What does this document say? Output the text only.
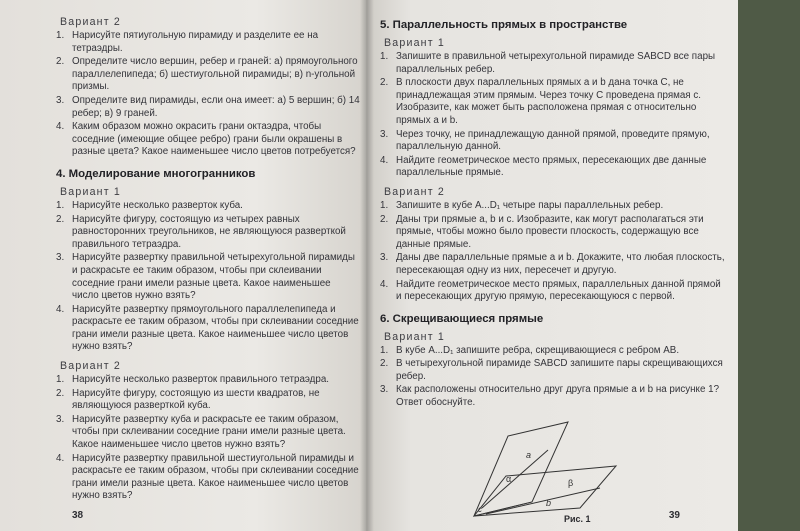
Вариант 2
1. Нарисуйте пятиугольную пирамиду и разделите ее на тетраэдры.
2. Определите число вершин, ребер и граней: а) прямоугольного параллелепипеда; б) шестиугольной пирамиды; в) n-угольной призмы.
3. Определите вид пирамиды, если она имеет: а) 5 вершин; б) 14 ребер; в) 9 граней.
4. Каким образом можно окрасить грани октаэдра, чтобы соседние (имеющие общее ребро) грани были окрашены в разные цвета? Какое наименьшее число цветов потребуется?
4. Моделирование многогранников
Вариант 1
1. Нарисуйте несколько разверток куба.
2. Нарисуйте фигуру, состоящую из четырех равных равносторонних треугольников, не являющуюся разверткой правильного тетраэдра.
3. Нарисуйте развертку правильной четырехугольной пирамиды и раскрасьте ее таким образом, чтобы при склеивании соседние грани имели разные цвета. Какое наименьшее число цветов нужно взять?
4. Нарисуйте развертку прямоугольного параллелепипеда и раскрасьте ее таким образом, чтобы при склеивании соседние грани имели разные цвета. Какое наименьшее число цветов нужно взять?
Вариант 2
1. Нарисуйте несколько разверток правильного тетраэдра.
2. Нарисуйте фигуру, состоящую из шести квадратов, не являющуюся разверткой куба.
3. Нарисуйте развертку куба и раскрасьте ее таким образом, чтобы при склеивании соседние грани имели разные цвета. Какое наименьшее число цветов нужно взять?
4. Нарисуйте развертку правильной шестиугольной пирамиды и раскрасьте ее таким образом, чтобы при склеивании соседние грани имели разные цвета. Какое наименьшее число цветов нужно взять?
38
5. Параллельность прямых в пространстве
Вариант 1
1. Запишите в правильной четырехугольной пирамиде SABCD все пары параллельных ребер.
2. В плоскости двух параллельных прямых a и b дана точка C, не принадлежащая этим прямым. Через точку C проведена прямая c. Изобразите, как может быть расположена прямая c относительно прямых a и b.
3. Через точку, не принадлежащую данной прямой, проведите прямую, параллельную данной.
4. Найдите геометрическое место прямых, пересекающих две данные параллельные прямые.
Вариант 2
1. Запишите в кубе A...D₁ четыре пары параллельных ребер.
2. Даны три прямые a, b и c. Изобразите, как могут располагаться эти прямые, чтобы можно было провести плоскость, содержащую все данные прямые.
3. Даны две параллельные прямые a и b. Докажите, что любая плоскость, пересекающая одну из них, пересечет и другую.
4. Найдите геометрическое место прямых, параллельных данной прямой и пересекающих другую прямую, пересекающуюся с первой.
6. Скрещивающиеся прямые
Вариант 1
1. В кубе A...D₁ запишите ребра, скрещивающиеся с ребром AB.
2. В четырехугольной пирамиде SABCD запишите пары скрещивающихся ребер.
3. Как расположены относительно друг друга прямые a и b на рисунке 1? Ответ обоснуйте.
a
α	β
b
c
Рис. 1	39
